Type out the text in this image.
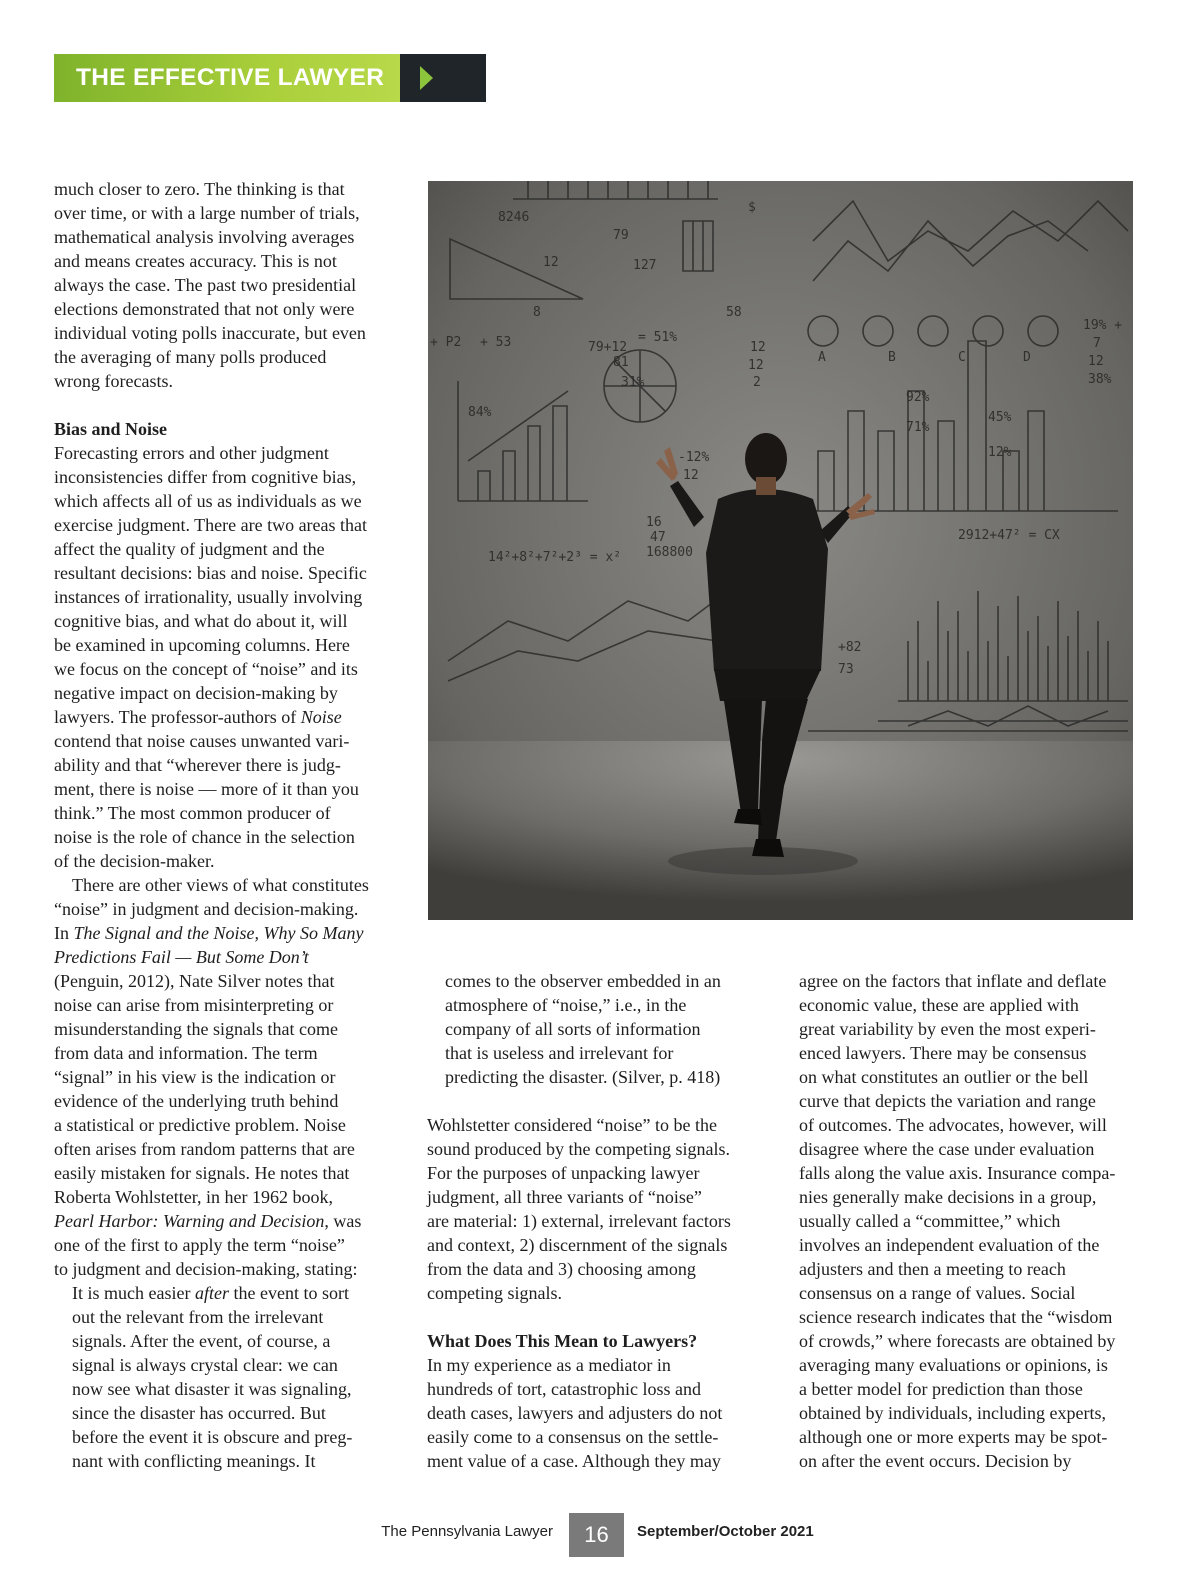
THE EFFECTIVE LAWYER

much closer to zero. The thinking is that

over time, or with a large number of trials,

mathematical analysis involving averages

and means creates accuracy. This is not

always the case. The past two presidential

elections demonstrated that not only were

individual voting polls inaccurate, but even

the averaging of many polls produced

wrong forecasts.

Bias and Noise

Forecasting errors and other judgment

inconsistencies differ from cognitive bias,

which affects all of us as individuals as we

exercise judgment. There are two areas that

affect the quality of judgment and the

resultant decisions: bias and noise. Specific

instances of irrationality, usually involving

cognitive bias, and what do about it, will

be examined in upcoming columns. Here

we focus on the concept of “noise” and its

negative impact on decision-making by

lawyers. The professor-authors of Noise

contend that noise causes unwanted vari-

ability and that “wherever there is judg-

ment, there is noise — more of it than you

think.” The most common producer of

noise is the role of chance in the selection

of the decision-maker.

There are other views of what constitutes

“noise” in judgment and decision-making.

In The Signal and the Noise, Why So Many

Predictions Fail — But Some Don’t

(Penguin, 2012), Nate Silver notes that

noise can arise from misinterpreting or

misunderstanding the signals that come

from data and information. The term

“signal” in his view is the indication or

evidence of the underlying truth behind

a statistical or predictive problem. Noise

often arises from random patterns that are

easily mistaken for signals. He notes that

Roberta Wohlstetter, in her 1962 book,

Pearl Harbor: Warning and Decision, was

one of the first to apply the term “noise”

to judgment and decision-making, stating:

It is much easier after the event to sort

out the relevant from the irrelevant

signals. After the event, of course, a

signal is always crystal clear: we can

now see what disaster it was signaling,

since the disaster has occurred. But

before the event it is obscure and preg-

nant with conflicting meanings. It

8246
79
12	127
$
58
12
8
+ P2 + 53	79+12
= 51%
81	12
2
31%
84%
-12%
12
A	B	C	D
19% +
7
12
38%
92%
71%
45%
12%
16
47
168800
14²+8²+7²+2³ = x²
2912+47² = CX
+82
73

comes to the observer embedded in an

atmosphere of “noise,” i.e., in the

company of all sorts of information

that is useless and irrelevant for

predicting the disaster. (Silver, p. 418)

Wohlstetter considered “noise” to be the

sound produced by the competing signals.

For the purposes of unpacking lawyer

judgment, all three variants of “noise”

are material: 1) external, irrelevant factors

and context, 2) discernment of the signals

from the data and 3) choosing among

competing signals.

What Does This Mean to Lawyers?

In my experience as a mediator in

hundreds of tort, catastrophic loss and

death cases, lawyers and adjusters do not

easily come to a consensus on the settle-

ment value of a case. Although they may

agree on the factors that inflate and deflate

economic value, these are applied with

great variability by even the most experi-

enced lawyers. There may be consensus

on what constitutes an outlier or the bell

curve that depicts the variation and range

of outcomes. The advocates, however, will

disagree where the case under evaluation

falls along the value axis. Insurance compa-

nies generally make decisions in a group,

usually called a “committee,” which

involves an independent evaluation of the

adjusters and then a meeting to reach

consensus on a range of values. Social

science research indicates that the “wisdom

of crowds,” where forecasts are obtained by

averaging many evaluations or opinions, is

a better model for prediction than those

obtained by individuals, including experts,

although one or more experts may be spot-

on after the event occurs. Decision by

The Pennsylvania Lawyer	16	September/October 2021
